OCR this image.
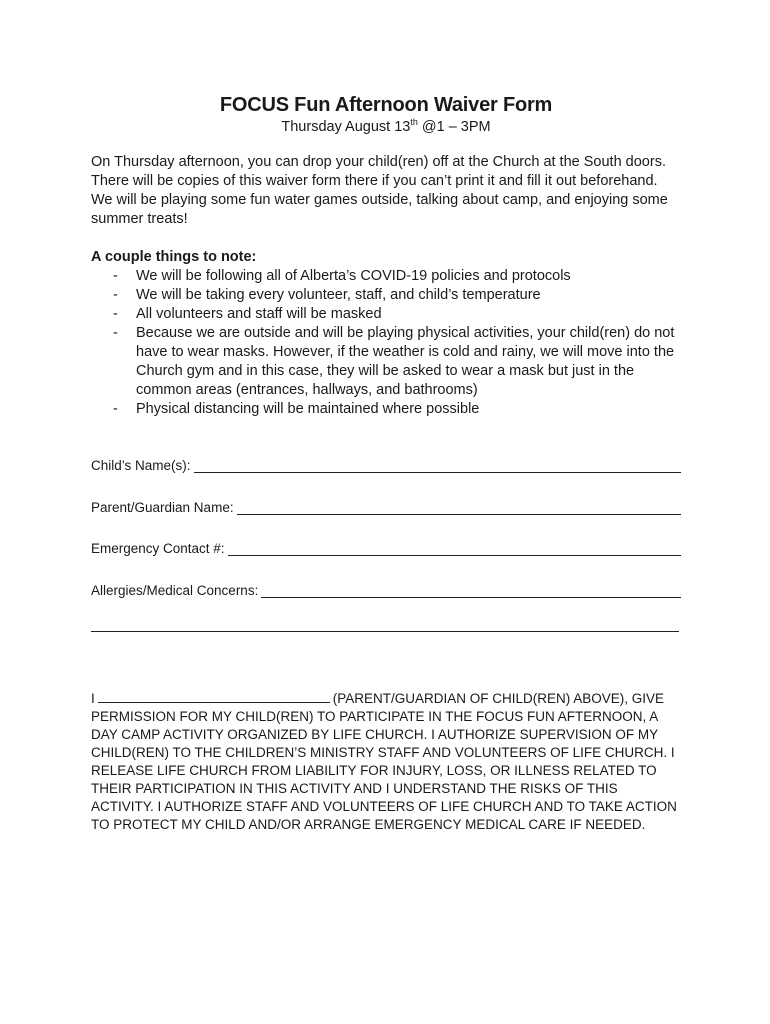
FOCUS Fun Afternoon Waiver Form
Thursday August 13th @1 – 3PM
On Thursday afternoon, you can drop your child(ren) off at the Church at the South doors. There will be copies of this waiver form there if you can’t print it and fill it out beforehand. We will be playing some fun water games outside, talking about camp, and enjoying some summer treats!
A couple things to note:
- We will be following all of Alberta’s COVID-19 policies and protocols
- We will be taking every volunteer, staff, and child’s temperature
- All volunteers and staff will be masked
- Because we are outside and will be playing physical activities, your child(ren) do not have to wear masks. However, if the weather is cold and rainy, we will move into the Church gym and in this case, they will be asked to wear a mask but just in the common areas (entrances, hallways, and bathrooms)
- Physical distancing will be maintained where possible
Child’s Name(s):
Parent/Guardian Name:
Emergency Contact #:
Allergies/Medical Concerns:
I	(PARENT/GUARDIAN OF CHILD(REN) ABOVE), GIVE PERMISSION FOR MY CHILD(REN) TO PARTICIPATE IN THE FOCUS FUN AFTERNOON, A DAY CAMP ACTIVITY ORGANIZED BY LIFE CHURCH. I AUTHORIZE SUPERVISION OF MY CHILD(REN) TO THE CHILDREN’S MINISTRY STAFF AND VOLUNTEERS OF LIFE CHURCH. I RELEASE LIFE CHURCH FROM LIABILITY FOR INJURY, LOSS, OR ILLNESS RELATED TO THEIR PARTICIPATION IN THIS ACTIVITY AND I UNDERSTAND THE RISKS OF THIS ACTIVITY. I AUTHORIZE STAFF AND VOLUNTEERS OF LIFE CHURCH AND TO TAKE ACTION TO PROTECT MY CHILD AND/OR ARRANGE EMERGENCY MEDICAL CARE IF NEEDED.
